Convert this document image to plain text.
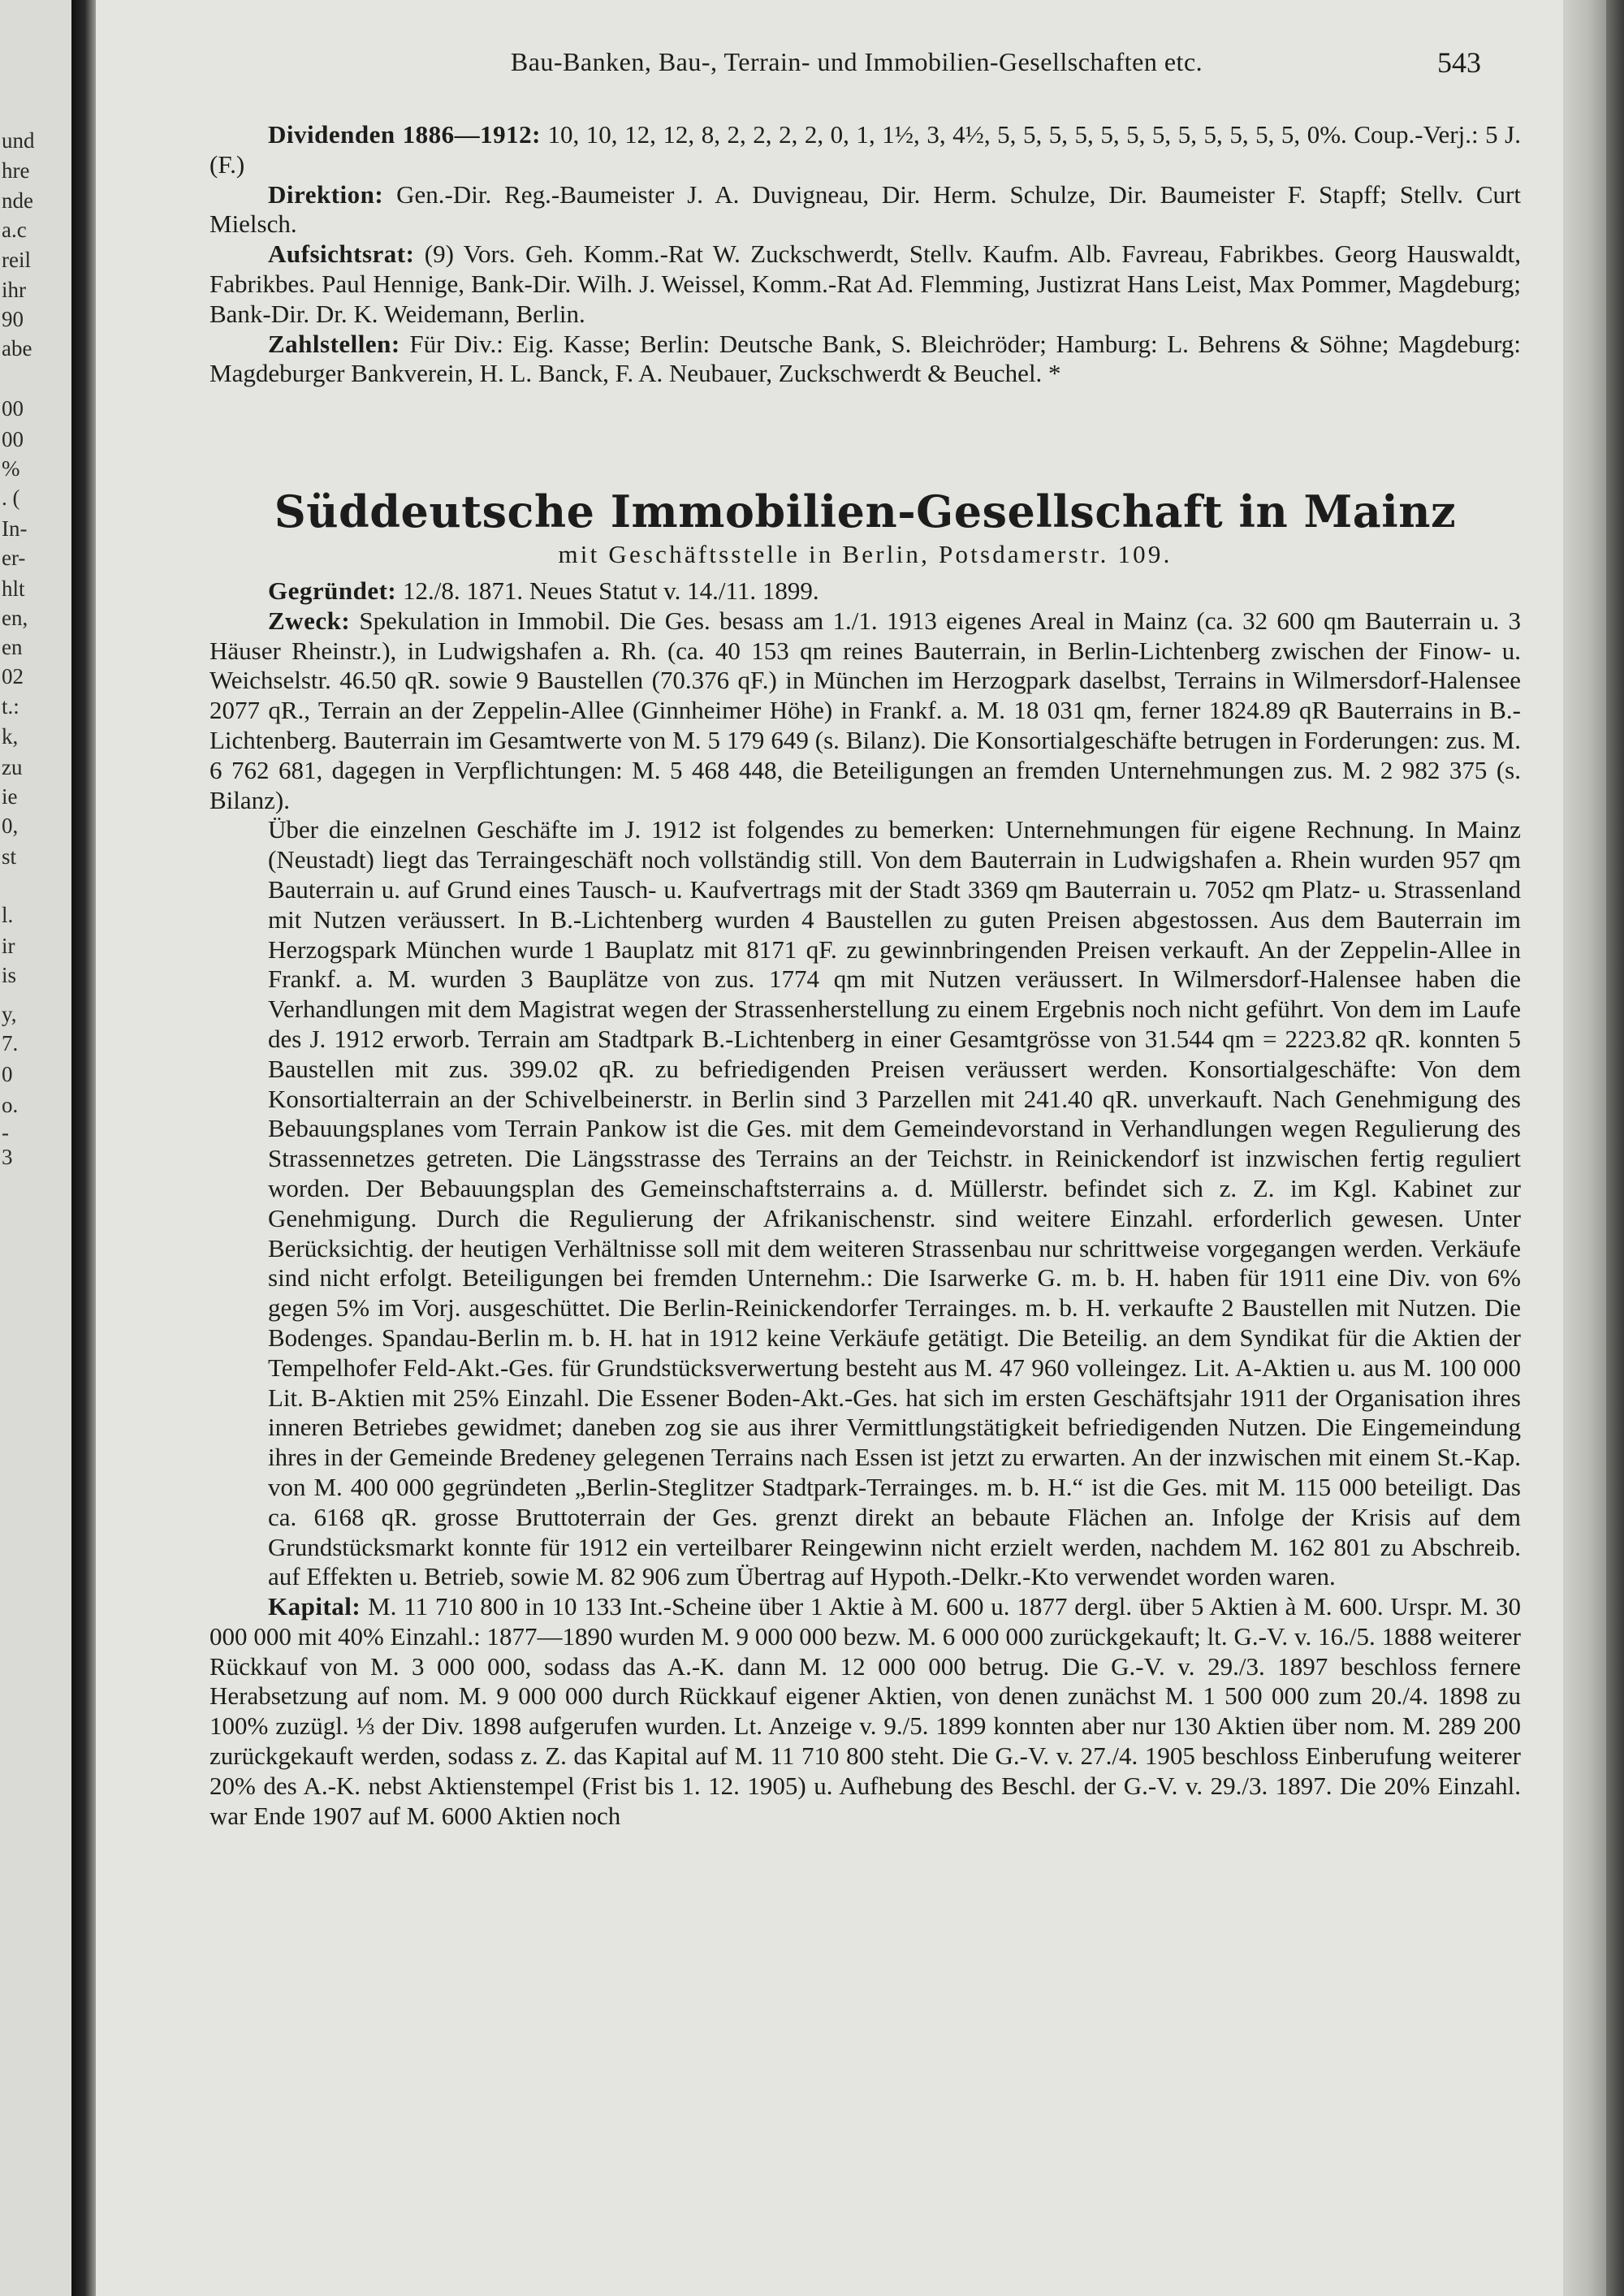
und
hre
nde
a.c
reil
ihr
90
abe
00
00
%
. (
In-
er-
hlt
en,
en
02
t.:
k,
zu
ie
0,
st
l.
ir
is
y,
7.
0
o.
-
3
Bau-Banken, Bau-, Terrain- und Immobilien-Gesellschaften etc.	543

Dividenden 1886—1912: 10, 10, 12, 12, 8, 2, 2, 2, 2, 0, 1, 1½, 3, 4½, 5, 5, 5, 5, 5, 5, 5, 5, 5, 5, 5, 5, 0%. Coup.-Verj.: 5 J. (F.)

Direktion: Gen.-Dir. Reg.-Baumeister J. A. Duvigneau, Dir. Herm. Schulze, Dir. Baumeister F. Stapff; Stellv. Curt Mielsch.

Aufsichtsrat: (9) Vors. Geh. Komm.-Rat W. Zuckschwerdt, Stellv. Kaufm. Alb. Favreau, Fabrikbes. Georg Hauswaldt, Fabrikbes. Paul Hennige, Bank-Dir. Wilh. J. Weissel, Komm.-Rat Ad. Flemming, Justizrat Hans Leist, Max Pommer, Magdeburg; Bank-Dir. Dr. K. Weidemann, Berlin.

Zahlstellen: Für Div.: Eig. Kasse; Berlin: Deutsche Bank, S. Bleichröder; Hamburg: L. Behrens & Söhne; Magdeburg: Magdeburger Bankverein, H. L. Banck, F. A. Neubauer, Zuckschwerdt & Beuchel. *

Süddeutsche Immobilien-Gesellschaft in Mainz
mit Geschäftsstelle in Berlin, Potsdamerstr. 109.

Gegründet: 12./8. 1871. Neues Statut v. 14./11. 1899.

Zweck: Spekulation in Immobil. Die Ges. besass am 1./1. 1913 eigenes Areal in Mainz (ca. 32 600 qm Bauterrain u. 3 Häuser Rheinstr.), in Ludwigshafen a. Rh. (ca. 40 153 qm reines Bauterrain, in Berlin-Lichtenberg zwischen der Finow- u. Weichselstr. 46.50 qR. sowie 9 Baustellen (70.376 qF.) in München im Herzogpark daselbst, Terrains in Wilmersdorf-Halensee 2077 qR., Terrain an der Zeppelin-Allee (Ginnheimer Höhe) in Frankf. a. M. 18 031 qm, ferner 1824.89 qR Bauterrains in B.-Lichtenberg. Bauterrain im Gesamtwerte von M. 5 179 649 (s. Bilanz). Die Konsortialgeschäfte betrugen in Forderungen: zus. M. 6 762 681, dagegen in Verpflichtungen: M. 5 468 448, die Beteiligungen an fremden Unternehmungen zus. M. 2 982 375 (s. Bilanz).

Über die einzelnen Geschäfte im J. 1912 ist folgendes zu bemerken: Unternehmungen für eigene Rechnung. In Mainz (Neustadt) liegt das Terraingeschäft noch vollständig still. Von dem Bauterrain in Ludwigshafen a. Rhein wurden 957 qm Bauterrain u. auf Grund eines Tausch- u. Kaufvertrags mit der Stadt 3369 qm Bauterrain u. 7052 qm Platz- u. Strassenland mit Nutzen veräussert. In B.-Lichtenberg wurden 4 Baustellen zu guten Preisen abgestossen. Aus dem Bauterrain im Herzogspark München wurde 1 Bauplatz mit 8171 qF. zu gewinnbringenden Preisen verkauft. An der Zeppelin-Allee in Frankf. a. M. wurden 3 Bauplätze von zus. 1774 qm mit Nutzen veräussert. In Wilmersdorf-Halensee haben die Verhandlungen mit dem Magistrat wegen der Strassenherstellung zu einem Ergebnis noch nicht geführt. Von dem im Laufe des J. 1912 erworb. Terrain am Stadtpark B.-Lichtenberg in einer Gesamtgrösse von 31.544 qm = 2223.82 qR. konnten 5 Baustellen mit zus. 399.02 qR. zu befriedigenden Preisen veräussert werden. Konsortialgeschäfte: Von dem Konsortialterrain an der Schivelbeinerstr. in Berlin sind 3 Parzellen mit 241.40 qR. unverkauft. Nach Genehmigung des Bebauungsplanes vom Terrain Pankow ist die Ges. mit dem Gemeindevorstand in Verhandlungen wegen Regulierung des Strassennetzes getreten. Die Längsstrasse des Terrains an der Teichstr. in Reinickendorf ist inzwischen fertig reguliert worden. Der Bebauungsplan des Gemeinschaftsterrains a. d. Müllerstr. befindet sich z. Z. im Kgl. Kabinet zur Genehmigung. Durch die Regulierung der Afrikanischenstr. sind weitere Einzahl. erforderlich gewesen. Unter Berücksichtig. der heutigen Verhältnisse soll mit dem weiteren Strassenbau nur schrittweise vorgegangen werden. Verkäufe sind nicht erfolgt. Beteiligungen bei fremden Unternehm.: Die Isarwerke G. m. b. H. haben für 1911 eine Div. von 6% gegen 5% im Vorj. ausgeschüttet. Die Berlin-Reinickendorfer Terrainges. m. b. H. verkaufte 2 Baustellen mit Nutzen. Die Bodenges. Spandau-Berlin m. b. H. hat in 1912 keine Verkäufe getätigt. Die Beteilig. an dem Syndikat für die Aktien der Tempelhofer Feld-Akt.-Ges. für Grundstücksverwertung besteht aus M. 47 960 volleingez. Lit. A-Aktien u. aus M. 100 000 Lit. B-Aktien mit 25% Einzahl. Die Essener Boden-Akt.-Ges. hat sich im ersten Geschäftsjahr 1911 der Organisation ihres inneren Betriebes gewidmet; daneben zog sie aus ihrer Vermittlungstätigkeit befriedigenden Nutzen. Die Eingemeindung ihres in der Gemeinde Bredeney gelegenen Terrains nach Essen ist jetzt zu erwarten. An der inzwischen mit einem St.-Kap. von M. 400 000 gegründeten „Berlin-Steglitzer Stadtpark-Terrainges. m. b. H.“ ist die Ges. mit M. 115 000 beteiligt. Das ca. 6168 qR. grosse Bruttoterrain der Ges. grenzt direkt an bebaute Flächen an. Infolge der Krisis auf dem Grundstücksmarkt konnte für 1912 ein verteilbarer Reingewinn nicht erzielt werden, nachdem M. 162 801 zu Abschreib. auf Effekten u. Betrieb, sowie M. 82 906 zum Übertrag auf Hypoth.-Delkr.-Kto verwendet worden waren.

Kapital: M. 11 710 800 in 10 133 Int.-Scheine über 1 Aktie à M. 600 u. 1877 dergl. über 5 Aktien à M. 600. Urspr. M. 30 000 000 mit 40% Einzahl.: 1877—1890 wurden M. 9 000 000 bezw. M. 6 000 000 zurückgekauft; lt. G.-V. v. 16./5. 1888 weiterer Rückkauf von M. 3 000 000, sodass das A.-K. dann M. 12 000 000 betrug. Die G.-V. v. 29./3. 1897 beschloss fernere Herabsetzung auf nom. M. 9 000 000 durch Rückkauf eigener Aktien, von denen zunächst M. 1 500 000 zum 20./4. 1898 zu 100% zuzügl. ⅓ der Div. 1898 aufgerufen wurden. Lt. Anzeige v. 9./5. 1899 konnten aber nur 130 Aktien über nom. M. 289 200 zurückgekauft werden, sodass z. Z. das Kapital auf M. 11 710 800 steht. Die G.-V. v. 27./4. 1905 beschloss Einberufung weiterer 20% des A.-K. nebst Aktienstempel (Frist bis 1. 12. 1905) u. Aufhebung des Beschl. der G.-V. v. 29./3. 1897. Die 20% Einzahl. war Ende 1907 auf M. 6000 Aktien noch
